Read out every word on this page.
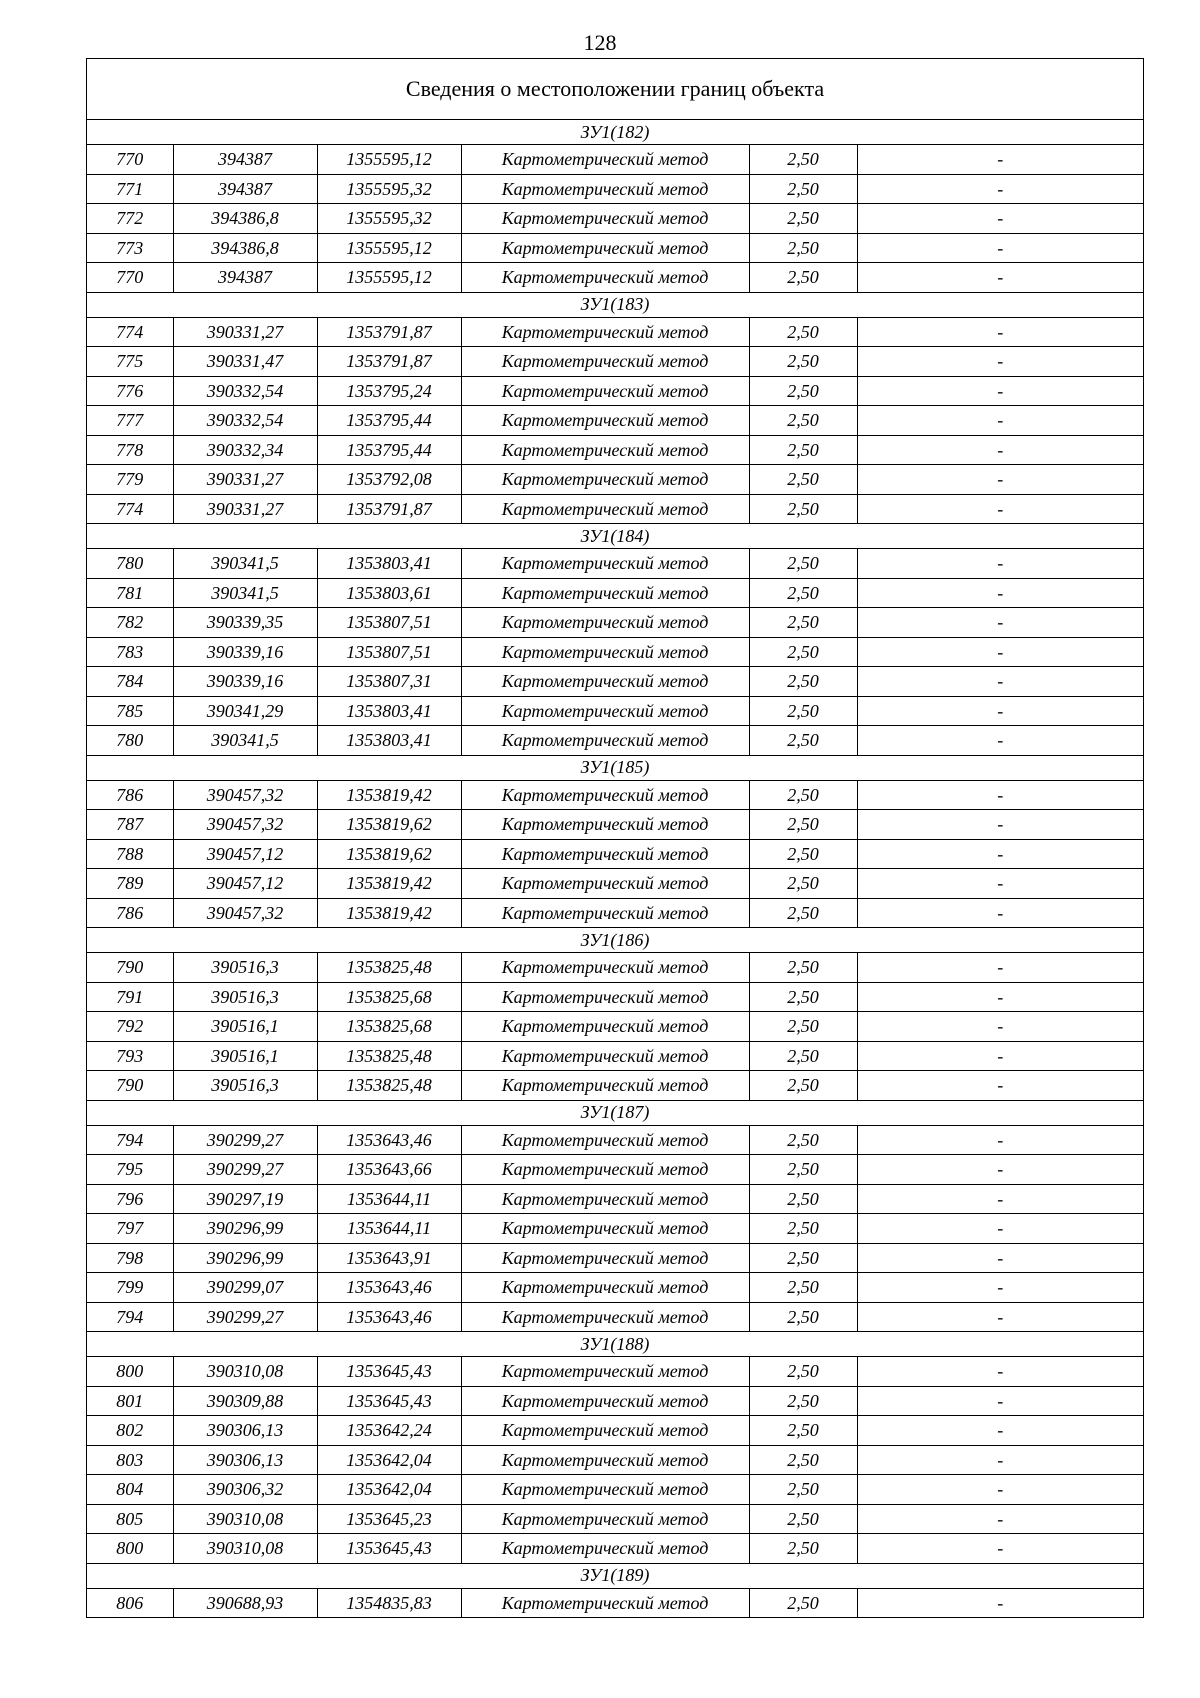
128
Сведения о местоположении границ объекта
ЗУ1(182)					
770	394387	1355595,12	Картометрический метод	2,50	-
771	394387	1355595,32	Картометрический метод	2,50	-
772	394386,8	1355595,32	Картометрический метод	2,50	-
773	394386,8	1355595,12	Картометрический метод	2,50	-
770	394387	1355595,12	Картометрический метод	2,50	-
ЗУ1(183)					
774	390331,27	1353791,87	Картометрический метод	2,50	-
775	390331,47	1353791,87	Картометрический метод	2,50	-
776	390332,54	1353795,24	Картометрический метод	2,50	-
777	390332,54	1353795,44	Картометрический метод	2,50	-
778	390332,34	1353795,44	Картометрический метод	2,50	-
779	390331,27	1353792,08	Картометрический метод	2,50	-
774	390331,27	1353791,87	Картометрический метод	2,50	-
ЗУ1(184)					
780	390341,5	1353803,41	Картометрический метод	2,50	-
781	390341,5	1353803,61	Картометрический метод	2,50	-
782	390339,35	1353807,51	Картометрический метод	2,50	-
783	390339,16	1353807,51	Картометрический метод	2,50	-
784	390339,16	1353807,31	Картометрический метод	2,50	-
785	390341,29	1353803,41	Картометрический метод	2,50	-
780	390341,5	1353803,41	Картометрический метод	2,50	-
ЗУ1(185)					
786	390457,32	1353819,42	Картометрический метод	2,50	-
787	390457,32	1353819,62	Картометрический метод	2,50	-
788	390457,12	1353819,62	Картометрический метод	2,50	-
789	390457,12	1353819,42	Картометрический метод	2,50	-
786	390457,32	1353819,42	Картометрический метод	2,50	-
ЗУ1(186)					
790	390516,3	1353825,48	Картометрический метод	2,50	-
791	390516,3	1353825,68	Картометрический метод	2,50	-
792	390516,1	1353825,68	Картометрический метод	2,50	-
793	390516,1	1353825,48	Картометрический метод	2,50	-
790	390516,3	1353825,48	Картометрический метод	2,50	-
ЗУ1(187)					
794	390299,27	1353643,46	Картометрический метод	2,50	-
795	390299,27	1353643,66	Картометрический метод	2,50	-
796	390297,19	1353644,11	Картометрический метод	2,50	-
797	390296,99	1353644,11	Картометрический метод	2,50	-
798	390296,99	1353643,91	Картометрический метод	2,50	-
799	390299,07	1353643,46	Картометрический метод	2,50	-
794	390299,27	1353643,46	Картометрический метод	2,50	-
ЗУ1(188)					
800	390310,08	1353645,43	Картометрический метод	2,50	-
801	390309,88	1353645,43	Картометрический метод	2,50	-
802	390306,13	1353642,24	Картометрический метод	2,50	-
803	390306,13	1353642,04	Картометрический метод	2,50	-
804	390306,32	1353642,04	Картометрический метод	2,50	-
805	390310,08	1353645,23	Картометрический метод	2,50	-
800	390310,08	1353645,43	Картометрический метод	2,50	-
ЗУ1(189)					
806	390688,93	1354835,83	Картометрический метод	2,50	-
